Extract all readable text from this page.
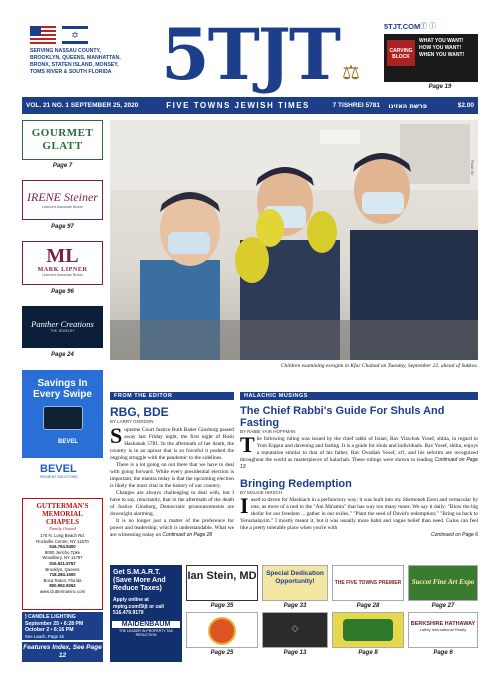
✡
SERVING NASSAU COUNTY,
BROOKLYN, QUEENS, MANHATTAN,
BRONX, STATEN ISLAND, MONSEY,
TOMS RIVER & SOUTH FLORIDA 5TJT ⚖
5TJT.COM ⓕ ⓘ
CARVING BLOCK
WHAT YOU WANT!
HOW YOU WANT!
WHEN YOU WANT!
Page 19
VOL. 21 NO. 1 SEPTEMBER 25, 2020	FIVE TOWNS JEWISH TIMES	7 TISHREI 5781	פרשת האזינו	$2.00
GOURMET GLATT
Page 7
IRENE Steiner
Licensed Associate Broker
Page 97
ML
MARK LIPNER
Licensed Associate Broker
Page 96
Panther Creations
THE JEWELRY
Page 24
Savings In Every Swipe
BEVEL
BEVEL
PAYMENT SOLUTIONS
GUTTERMAN'S MEMORIAL CHAPELS
Family Owned
175 N. Long Beach Rd.
Rockville Centre, NY 11570
516.764.9400
8000 Jericho Tpke
Woodbury, NY 11797
516.921.5757
Brooklyn, Queens
718.284.1500
Boca Raton, Florida
800.992.9262
www.Guttermaninc.com
🕯 CANDLE LIGHTING
September 25 • 6:28 PM
October 2 • 6:16 PM
See Lauch, Page 15
Features Index, See Page 12
Flash 90
Children examining esrogim in Kfar Chabad on Tuesday, September 22, ahead of Sukkos.
FROM THE EDITOR
RBG, BDE
BY LARRY GORDON
Supreme Court Justice Ruth Bader Ginsburg passed away last Friday night, the first night of Rosh Hashanah 5781. In the aftermath of her death, the country is in an uproar that is so forceful it pushed the ongoing struggle with the pandemic to the sidelines.
There is a lot going on out there that we have to deal with going forward. While every presidential election is important, the mantra today is that the upcoming election is likely the most vital in the history of our country.
Changes are always challenging to deal with, but I have to say, reluctantly, that in the aftermath of the death of Justice Ginsburg, Democratic pronouncements are downright alarming.
It is no longer just a matter of the preference for power and leadership, which is understandable. What we are witnessing today on Continued on Page 28
HALACHIC MUSINGS
The Chief Rabbi's Guide For Shuls And Fasting
BY RABBI YAIR HOFFMAN
The following ruling was issued by the chief rabbi of Israel, Rav Yitzchok Yosef, shlita, in regard to Yom Kippur and davening and fasting. It is a guide for shuls and individuals. Rav Yosef, shlita, enjoys a reputation similar to that of his father, Rav Ovadiah Yosef, zt'l, and his seforim are recognized throughout the world as masterpieces of halachah. These rulings were shown to leading Continued on Page 13
Bringing Redemption
BY MALKIE HIRSCH
Iused to daven for Mashiach in a perfunctory way; it was built into my Shemoneh Esrei and vernacular by rote, as more of a nod to the "Ani Ma'amin" that has way too many tunes. We say it daily: "Blow the big shofar for our freedom ... gather in our exiles," "Plant the seed of David's redemption;" "Bring us back to Yerushalayim." I mostly meant it, but it was usually more habit and vague belief than need. Galus can feel like a pretty tolerable place when you're with
Continued on Page 6
Get S.M.A.R.T. (Save More And Reduce Taxes)
Apply online at mptrg.com/5tjt or call 516.479.9179
MAIDENBAUM
THE LEADER IN PROPERTY TAX REDUCTION
Ian Stein, MD
Page 35
Special Dedication Opportunity!
Page 33
THE FIVE TOWNS PREMIER
Page 28
Succot Fine Art Expo
Page 27
Page 25
◇
Page 13	Page 8
BERKSHIRE HATHAWAY
Laffey International Realty
Page 6
